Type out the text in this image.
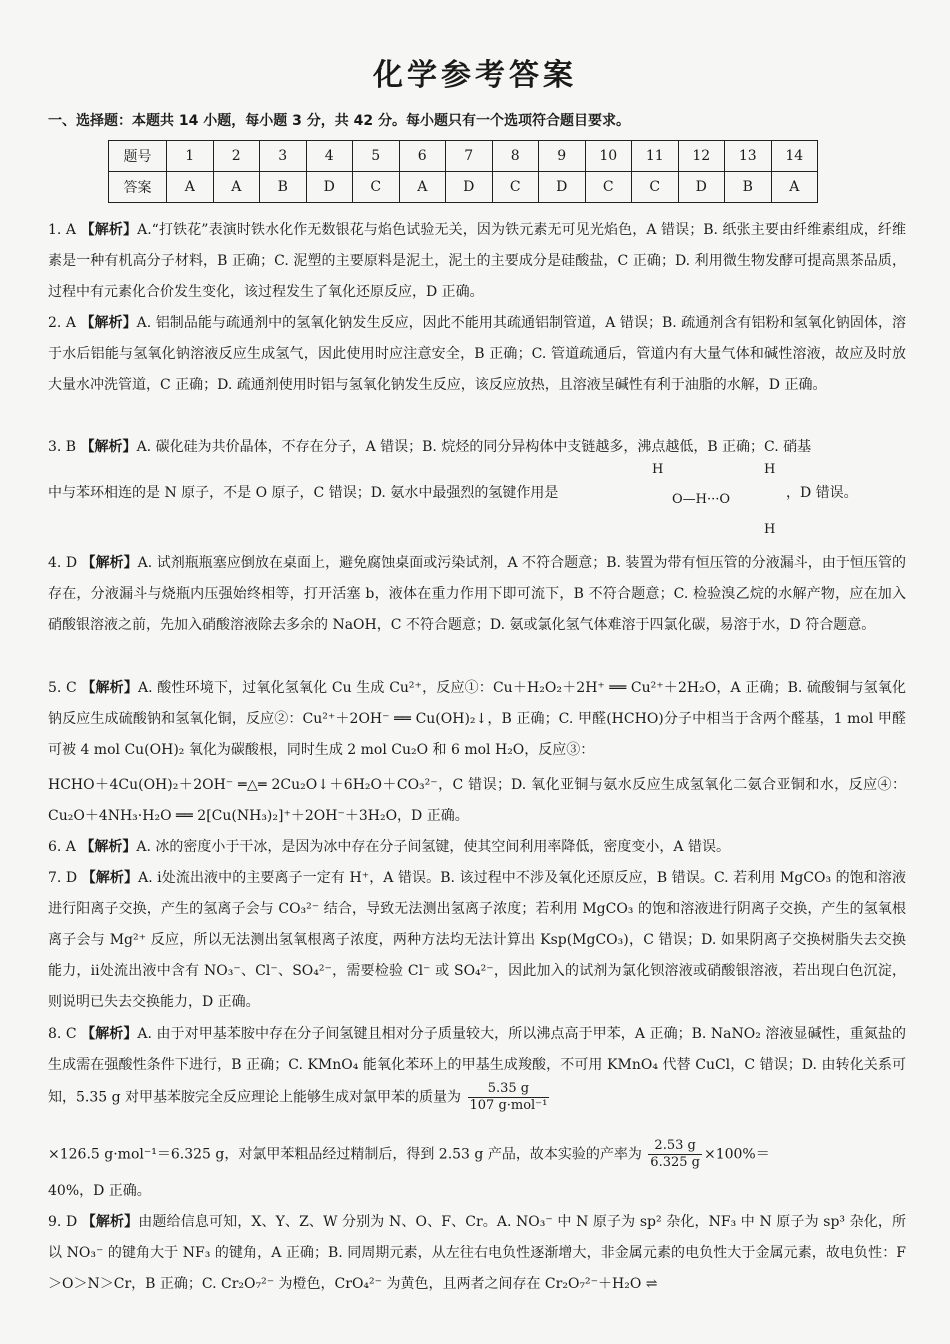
化学参考答案
一、选择题：本题共 14 小题，每小题 3 分，共 42 分。每小题只有一个选项符合题目要求。
题号	1	2	3	4	5	6	7	8	9	10	11	12	13	14
答案	A	A	B	D	C	A	D	C	D	C	C	D	B	A
1. A 【解析】A.“打铁花”表演时铁水化作无数银花与焰色试验无关，因为铁元素无可见光焰色，A 错误；B. 纸张主要由纤维素组成，纤维素是一种有机高分子材料，B 正确；C. 泥塑的主要原料是泥土，泥土的主要成分是硅酸盐，C 正确；D. 利用微生物发酵可提高黑茶品质，过程中有元素化合价发生变化，该过程发生了氧化还原反应，D 正确。
2. A 【解析】A. 铝制品能与疏通剂中的氢氧化钠发生反应，因此不能用其疏通铝制管道，A 错误；B. 疏通剂含有铝粉和氢氧化钠固体，溶于水后铝能与氢氧化钠溶液反应生成氢气，因此使用时应注意安全，B 正确；C. 管道疏通后，管道内有大量气体和碱性溶液，故应及时放大量水冲洗管道，C 正确；D. 疏通剂使用时铝与氢氧化钠发生反应，该反应放热，且溶液呈碱性有利于油脂的水解，D 正确。
3. B 【解析】A. 碳化硅为共价晶体，不存在分子，A 错误；B. 烷烃的同分异构体中支链越多，沸点越低，B 正确；C. 硝基
中与苯环相连的是 N 原子，不是 O 原子，C 错误；D. 氨水中最强烈的氢键作用是
H	H
O—H···O
H
，D 错误。
4. D 【解析】A. 试剂瓶瓶塞应倒放在桌面上，避免腐蚀桌面或污染试剂，A 不符合题意；B. 装置为带有恒压管的分液漏斗，由于恒压管的存在，分液漏斗与烧瓶内压强始终相等，打开活塞 b，液体在重力作用下即可流下，B 不符合题意；C. 检验溴乙烷的水解产物，应在加入硝酸银溶液之前，先加入硝酸溶液除去多余的 NaOH，C 不符合题意；D. 氨或氯化氢气体难溶于四氯化碳，易溶于水，D 符合题意。
5. C 【解析】A. 酸性环境下，过氧化氢氧化 Cu 生成 Cu²⁺，反应①：Cu＋H₂O₂＋2H⁺ ══ Cu²⁺＋2H₂O，A 正确；B. 硫酸铜与氢氧化钠反应生成硫酸钠和氢氧化铜，反应②：Cu²⁺＋2OH⁻ ══ Cu(OH)₂↓，B 正确；C. 甲醛(HCHO)分子中相当于含两个醛基，1 mol 甲醛可被 4 mol Cu(OH)₂ 氧化为碳酸根，同时生成 2 mol Cu₂O 和 6 mol H₂O，反应③：
HCHO＋4Cu(OH)₂＋2OH⁻ ═△═ 2Cu₂O↓＋6H₂O＋CO₃²⁻，C 错误；D. 氧化亚铜与氨水反应生成氢氧化二氨合亚铜和水，反应④：Cu₂O＋4NH₃·H₂O ══ 2[Cu(NH₃)₂]⁺＋2OH⁻＋3H₂O，D 正确。
6. A 【解析】A. 冰的密度小于干冰，是因为冰中存在分子间氢键，使其空间利用率降低，密度变小，A 错误。
7. D 【解析】A. ⅰ处流出液中的主要离子一定有 H⁺，A 错误。B. 该过程中不涉及氧化还原反应，B 错误。C. 若利用 MgCO₃ 的饱和溶液进行阳离子交换，产生的氢离子会与 CO₃²⁻ 结合，导致无法测出氢离子浓度；若利用 MgCO₃ 的饱和溶液进行阴离子交换，产生的氢氧根离子会与 Mg²⁺ 反应，所以无法测出氢氧根离子浓度，两种方法均无法计算出 Ksp(MgCO₃)，C 错误；D. 如果阴离子交换树脂失去交换能力，ⅱ处流出液中含有 NO₃⁻、Cl⁻、SO₄²⁻，需要检验 Cl⁻ 或 SO₄²⁻，因此加入的试剂为氯化钡溶液或硝酸银溶液，若出现白色沉淀，则说明已失去交换能力，D 正确。
8. C 【解析】A. 由于对甲基苯胺中存在分子间氢键且相对分子质量较大，所以沸点高于甲苯，A 正确；B. NaNO₂ 溶液显碱性，重氮盐的生成需在强酸性条件下进行，B 正确；C. KMnO₄ 能氧化苯环上的甲基生成羧酸，不可用 KMnO₄ 代替 CuCl，C 错误；D. 由转化关系可知，5.35 g 对甲基苯胺完全反应理论上能够生成对氯甲苯的质量为 $\frac{5.35 g}{\text{107 g·mol⁻¹}}$
×126.5 g·mol⁻¹＝6.325 g，对氯甲苯粗品经过精制后，得到 2.53 g 产品，故本实验的产率为 $\frac{2.53 g}{6.325 g} \times 100\%=$
40%，D 正确。
9. D 【解析】由题给信息可知，X、Y、Z、W 分别为 N、O、F、Cr。A. NO₃⁻ 中 N 原子为 sp² 杂化，NF₃ 中 N 原子为 sp³ 杂化，所以 NO₃⁻ 的键角大于 NF₃ 的键角，A 正确；B. 同周期元素，从左往右电负性逐渐增大，非金属元素的电负性大于金属元素，故电负性：F＞O＞N＞Cr，B 正确；C. Cr₂O₇²⁻ 为橙色，CrO₄²⁻ 为黄色，且两者之间存在 Cr₂O₇²⁻＋H₂O ⇌
